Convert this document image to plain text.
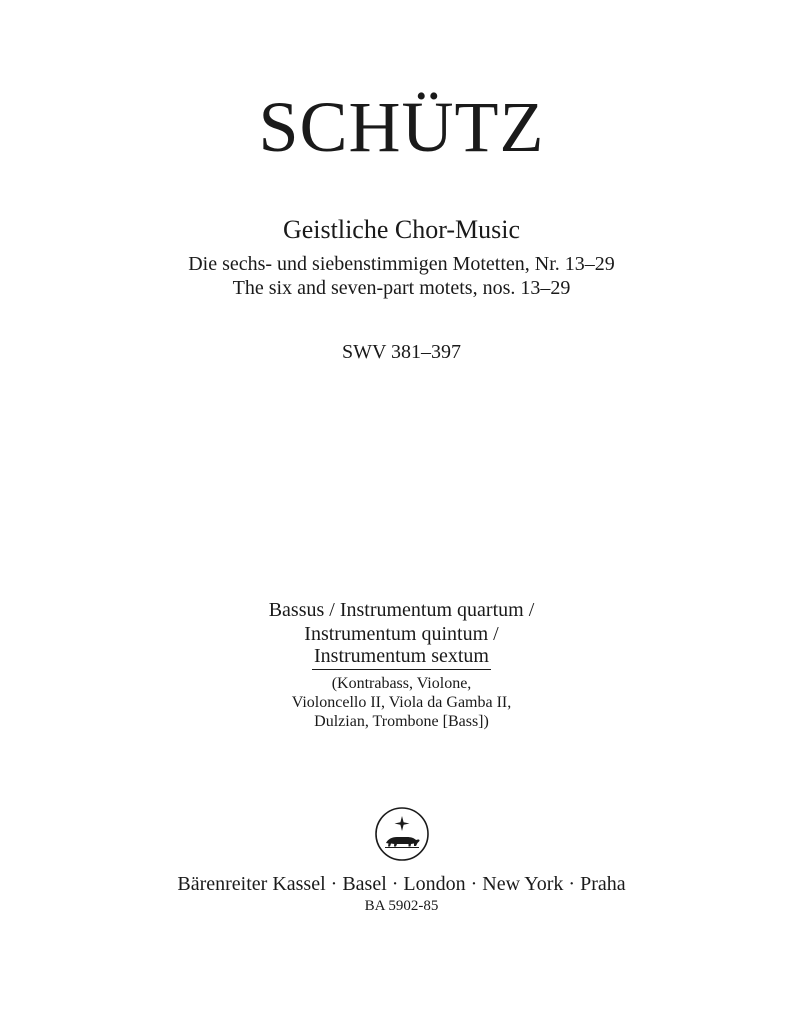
SCHÜTZ
Geistliche Chor-Music
Die sechs- und siebenstimmigen Motetten, Nr. 13–29
The six and seven-part motets, nos. 13–29
SWV 381–397
Bassus / Instrumentum quartum /
Instrumentum quintum /
Instrumentum sextum
(Kontrabass, Violone,
Violoncello II, Viola da Gamba II,
Dulzian, Trombone [Bass])
Bärenreiter Kassel · Basel · London · New York · Praha
BA 5902-85
